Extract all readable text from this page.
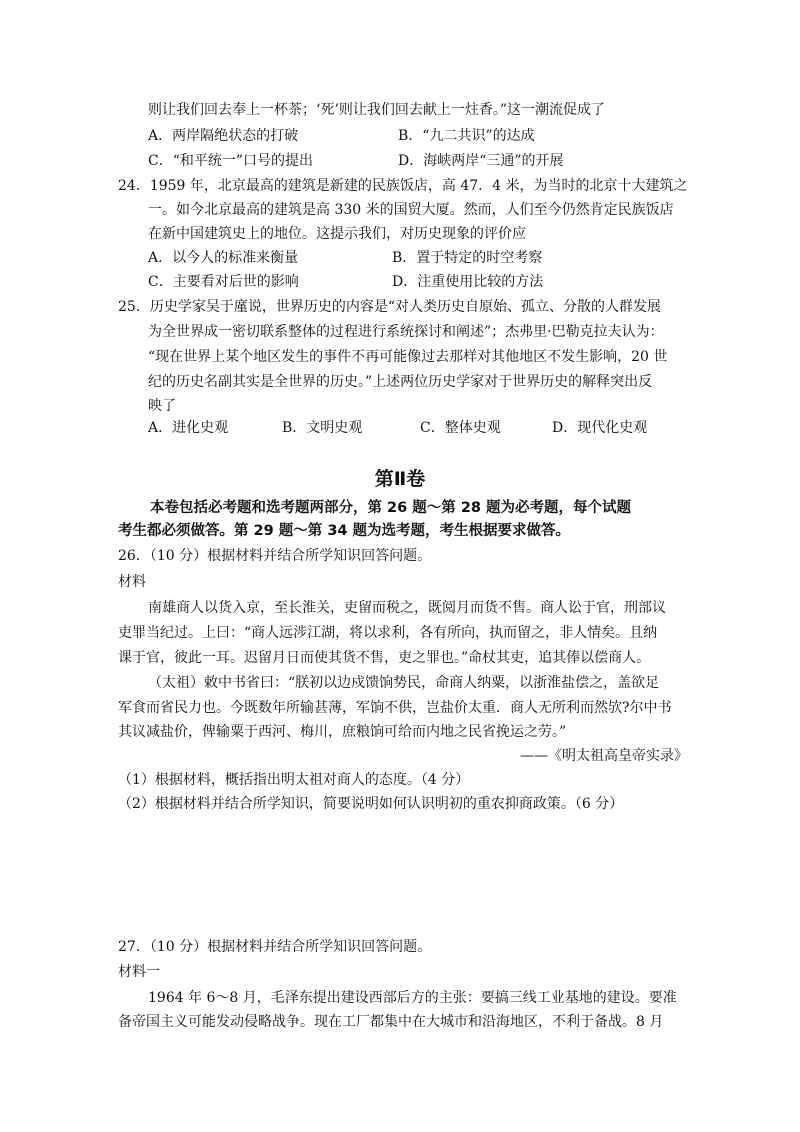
则让我们回去奉上一杯茶；‘死’则让我们回去献上一炷香。”这一潮流促成了
A．两岸隔绝状态的打破	B．“九二共识”的达成
C．“和平统一”口号的提出	D．海峡两岸“三通”的开展
24．1959 年，北京最高的建筑是新建的民族饭店，高 47．4 米，为当时的北京十大建筑之
一。如今北京最高的建筑是高 330 米的国贸大厦。然而，人们至今仍然肯定民族饭店
在新中国建筑史上的地位。这提示我们，对历史现象的评价应
A．以今人的标准来衡量	B．置于特定的时空考察
C．主要看对后世的影响	D．注重使用比较的方法
25．历史学家吴于廑说，世界历史的内容是“对人类历史自原始、孤立、分散的人群发展
为全世界成一密切联系整体的过程进行系统探讨和阐述”；杰弗里·巴勒克拉夫认为：
“现在世界上某个地区发生的事件不再可能像过去那样对其他地区不发生影响，20 世
纪的历史名副其实是全世界的历史。”上述两位历史学家对于世界历史的解释突出反
映了
A．进化史观	B．文明史观	C．整体史观	D．现代化史观
第Ⅱ卷
本卷包括必考题和选考题两部分，第 26 题～第 28 题为必考题，每个试题
考生都必须做答。第 29 题～第 34 题为选考题，考生根据要求做答。
26．（10 分）根据材料并结合所学知识回答问题。
材料
南雄商人以货入京，至长淮关，吏留而税之，既阅月而货不售。商人讼于官，刑部议
吏罪当纪过。上曰：“商人远涉江湖，将以求利，各有所向，执而留之，非人情矣。且纳
课于官，彼此一耳。迟留月日而使其货不售，吏之罪也。”命杖其吏，追其俸以偿商人。
（太祖）敕中书省曰：“朕初以边戍馈饷势民，命商人纳粟，以浙淮盐偿之，盖欲足
军食而省民力也。今既数年所输甚薄，军饷不供，岂盐价太重．商人无所利而然欤?尔中书
其议减盐价，俾输粟于西河、梅川，庶粮饷可给而内地之民省挽运之劳。”
——《明太祖高皇帝实录》
（1）根据材料，概括指出明太祖对商人的态度。（4 分）
（2）根据材料并结合所学知识，简要说明如何认识明初的重农抑商政策。（6 分）
27．（10 分）根据材料并结合所学知识回答问题。
材料一
1964 年 6～8 月，毛泽东提出建设西部后方的主张：要搞三线工业基地的建设。要准
备帝国主义可能发动侵略战争。现在工厂都集中在大城市和沿海地区，不利于备战。8 月
